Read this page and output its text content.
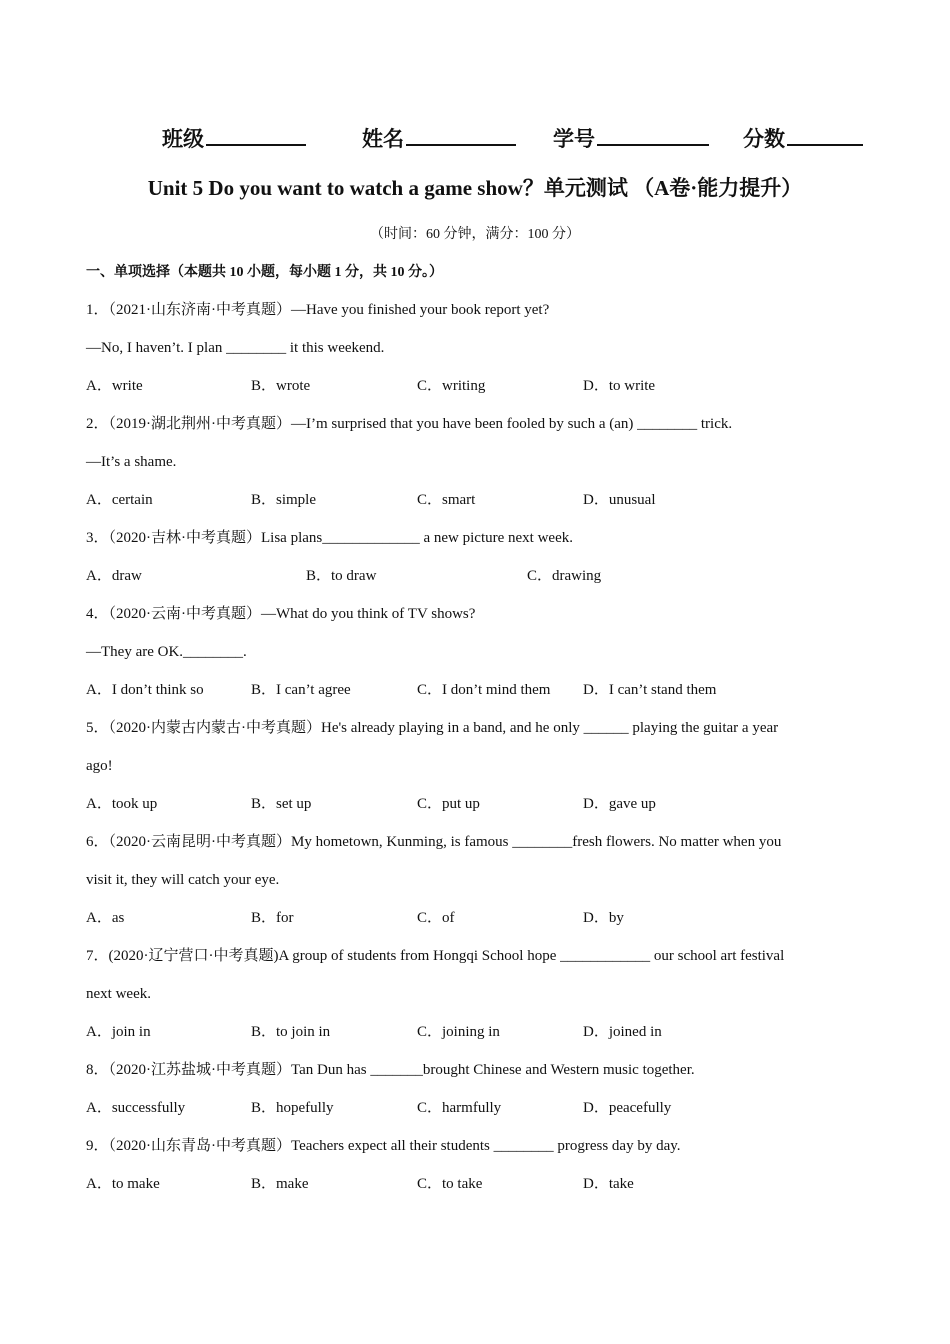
班级	姓名	学号	分数
Unit 5 Do you want to watch a game show？单元测试 （A卷·能力提升）
（时间：60 分钟，满分：100 分）
一、单项选择（本题共 10 小题，每小题 1 分，共 10 分。）
1．（2021·山东济南·中考真题）—Have you finished your book report yet?
—No, I haven’t. I plan ________ it this weekend.
A．write	B．wrote	C．writing	D．to write
2．（2019·湖北荆州·中考真题）—I’m surprised that you have been fooled by such a (an) ________ trick.
—It’s a shame.
A．certain	B．simple	C．smart	D．unusual
3．（2020·吉林·中考真题）Lisa plans_____________ a new picture next week.
A．draw	B．to draw	C．drawing
4．（2020·云南·中考真题）—What do you think of TV shows?
—They are OK.________.
A．I don’t think so	B．I can’t agree	C．I don’t mind them D．I can’t stand them
5．（2020·内蒙古内蒙古·中考真题）He's already playing in a band, and he only ______ playing the guitar a year
ago!
A．took up	B．set up	C．put up	D．gave up
6．（2020·云南昆明·中考真题）My hometown, Kunming, is famous ________fresh flowers. No matter when you
visit it, they will catch your eye.
A．as	B．for	C．of	D．by
7．(2020·辽宁营口·中考真题)A group of students from Hongqi School hope ____________ our school art festival
next week.
A．join in	B．to join in	C．joining in	D．joined in
8．（2020·江苏盐城·中考真题）Tan Dun has _______brought Chinese and Western music together.
A．successfully	B．hopefully	C．harmfully	D．peacefully
9．（2020·山东青岛·中考真题）Teachers expect all their students ________ progress day by day.
A．to make	B．make	C．to take	D．take
